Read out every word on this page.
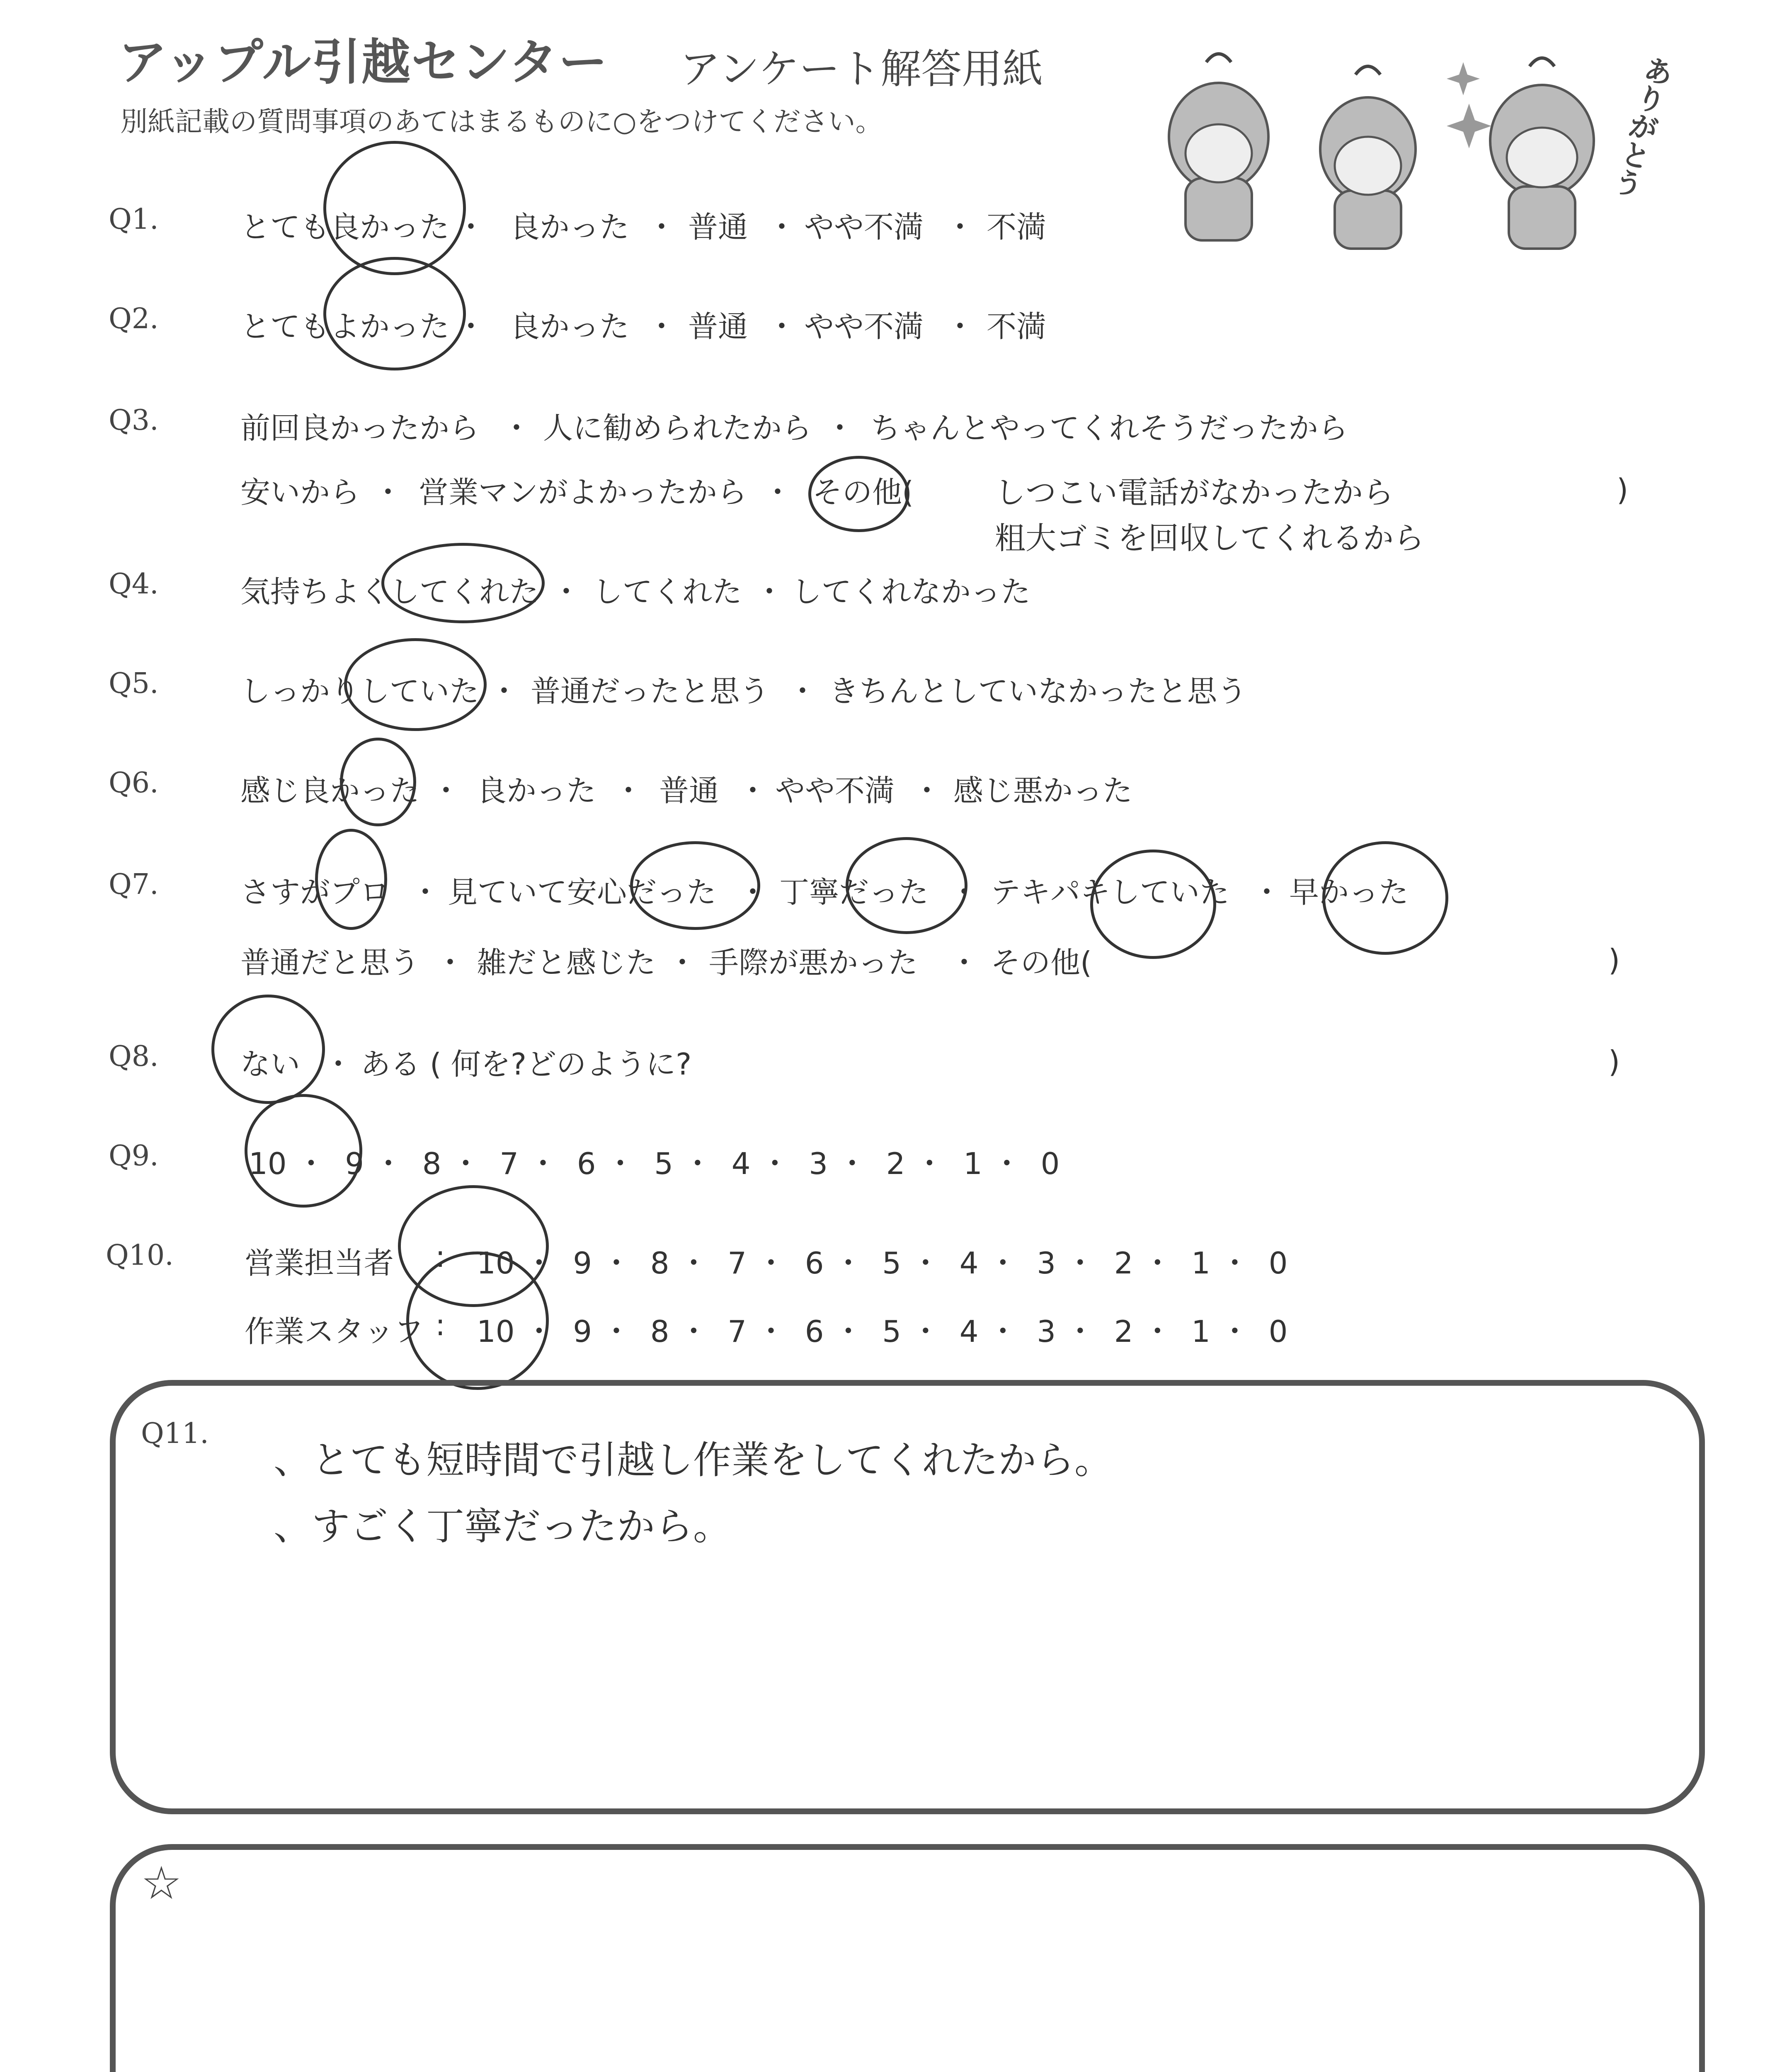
アップル引越センター アンケート解答用紙
別紙記載の質問事項のあてはまるものに○をつけてください。	ありがとう
Q1.	とても良かった ・ 良かった ・ 普通 ・ やや不満 ・ 不満
Q2.	とてもよかった ・ 良かった ・ 普通 ・ やや不満 ・ 不満
Q3.	前回良かったから ・ 人に勧められたから ・ ちゃんとやってくれそうだったから
安いから ・ 営業マンがよかったから ・ その他(	)
しつこい電話がなかったから
粗大ゴミを回収してくれるから
Q4.	気持ちよくしてくれた ・ してくれた ・ してくれなかった
Q5.	しっかりしていた ・ 普通だったと思う ・ きちんとしていなかったと思う
Q6.	感じ良かった ・ 良かった ・ 普通 ・ やや不満 ・ 感じ悪かった
Q7.	さすがプロ ・ 見ていて安心だった ・ 丁寧だった ・ テキパキしていた ・ 早かった
普通だと思う ・ 雑だと感じた ・ 手際が悪かった ・ その他(	)
Q8.	ない ・ ある ( 何を?どのように?	)
Q9.	10 ・  9 ・  8 ・  7 ・  6 ・  5 ・  4 ・  3 ・  2 ・  1 ・  0
Q10. 営業担当者 : 10 ・  9 ・  8 ・  7 ・  6 ・  5 ・  4 ・  3 ・  2 ・  1 ・  0
作業スタッフ : 10 ・  9 ・  8 ・  7 ・  6 ・  5 ・  4 ・  3 ・  2 ・  1 ・  0
Q11.
、とても短時間で引越し作業をしてくれたから。
、すごく丁寧だったから。
☆
